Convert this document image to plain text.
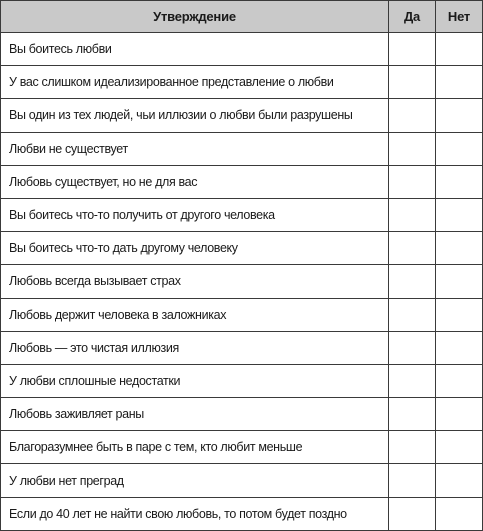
Утверждение	Да	Нет
Вы боитесь любви		
У вас слишком идеализированное представление о любви		
Вы один из тех людей, чьи иллюзии о любви были разрушены		
Любви не существует		
Любовь существует, но не для вас		
Вы боитесь что-то получить от другого человека		
Вы боитесь что-то дать другому человеку		
Любовь всегда вызывает страх		
Любовь держит человека в заложниках		
Любовь — это чистая иллюзия		
У любви сплошные недостатки		
Любовь заживляет раны		
Благоразумнее быть в паре с тем, кто любит меньше		
У любви нет преград		
Если до 40 лет не найти свою любовь, то потом будет поздно		
